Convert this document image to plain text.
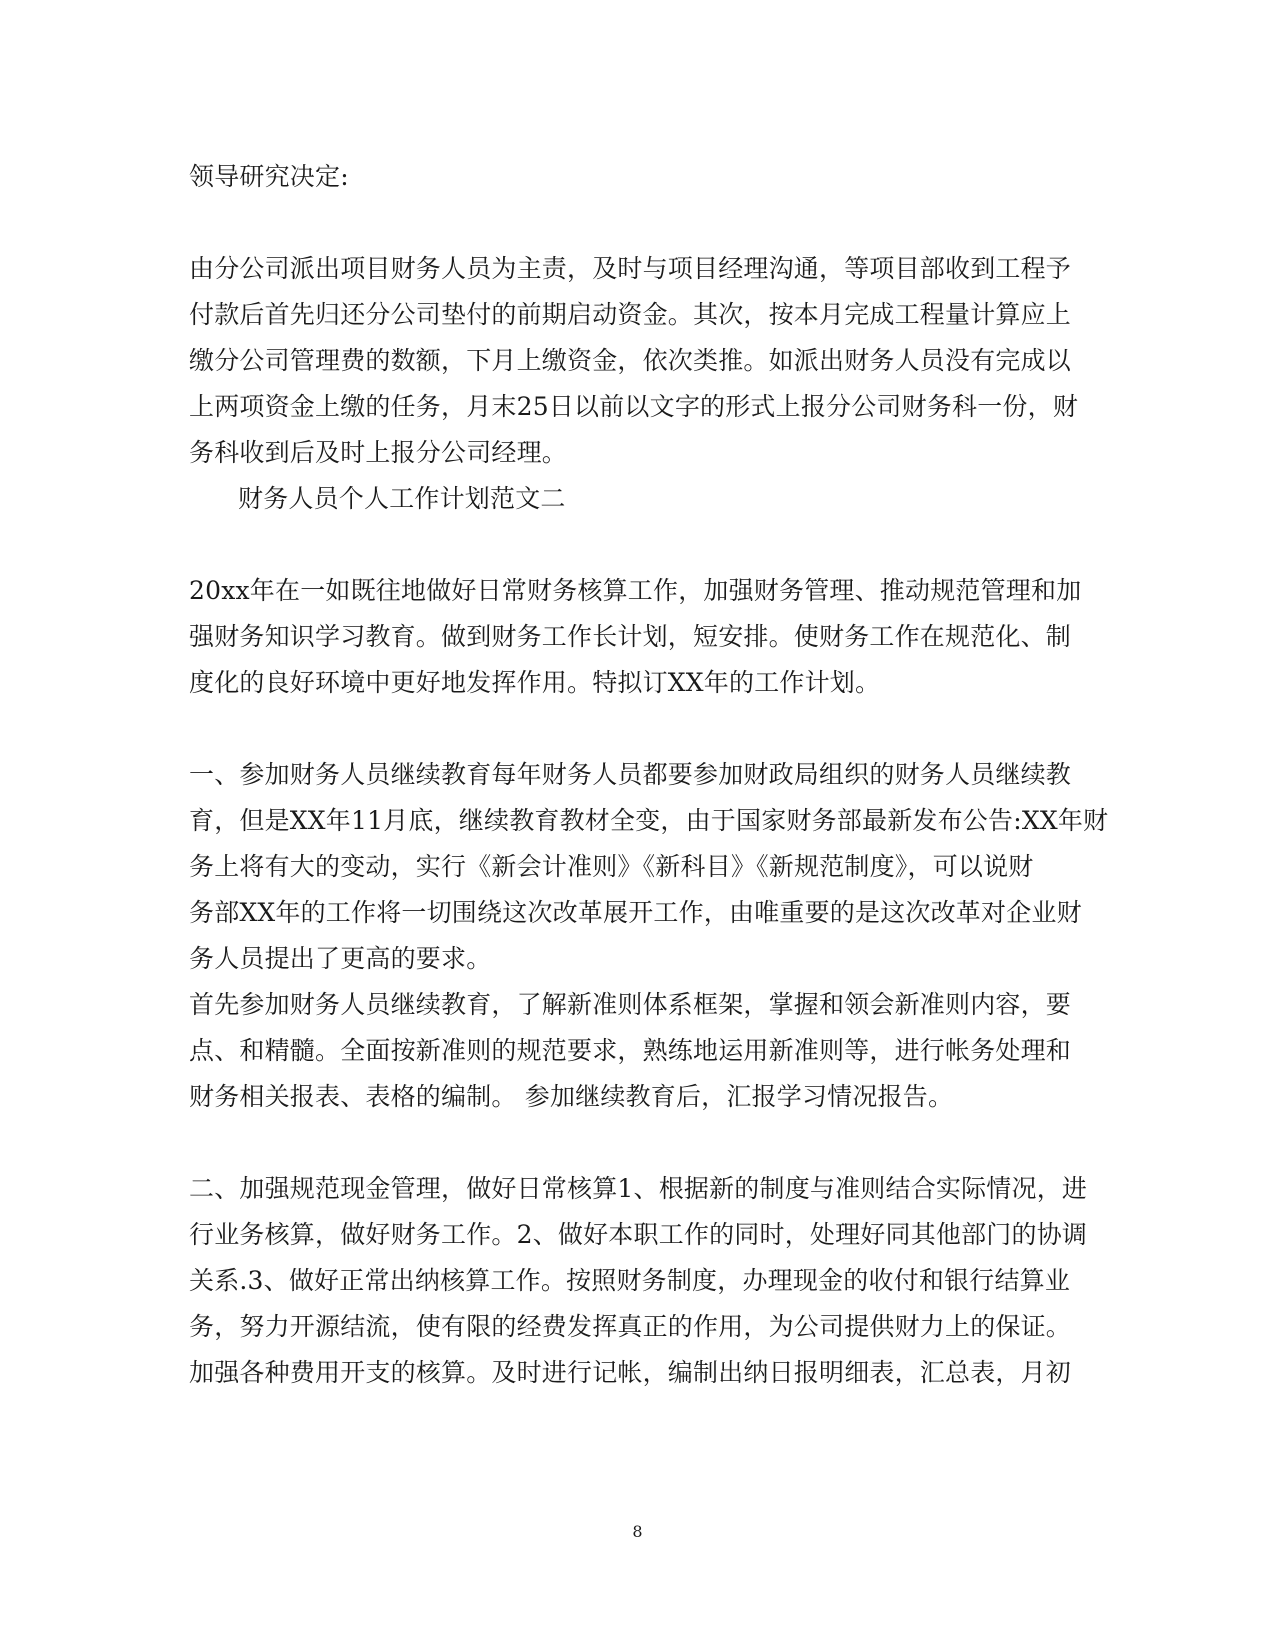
领导研究决定:
由分公司派出项目财务人员为主责，及时与项目经理沟通，等项目部收到工程予
付款后首先归还分公司垫付的前期启动资金。其次，按本月完成工程量计算应上
缴分公司管理费的数额，下月上缴资金，依次类推。如派出财务人员没有完成以
上两项资金上缴的任务，月末25日以前以文字的形式上报分公司财务科一份，财
务科收到后及时上报分公司经理。
财务人员个人工作计划范文二
20xx年在一如既往地做好日常财务核算工作，加强财务管理、推动规范管理和加
强财务知识学习教育。做到财务工作长计划，短安排。使财务工作在规范化、制
度化的良好环境中更好地发挥作用。特拟订XX年的工作计划。
一、参加财务人员继续教育每年财务人员都要参加财政局组织的财务人员继续教
育，但是XX年11月底，继续教育教材全变，由于国家财务部最新发布公告:XX年财
务上将有大的变动，实行《新会计准则》《新科目》《新规范制度》，可以说财
务部XX年的工作将一切围绕这次改革展开工作，由唯重要的是这次改革对企业财
务人员提出了更高的要求。
首先参加财务人员继续教育，了解新准则体系框架，掌握和领会新准则内容，要
点、和精髓。全面按新准则的规范要求，熟练地运用新准则等，进行帐务处理和
财务相关报表、表格的编制。 参加继续教育后，汇报学习情况报告。
二、加强规范现金管理，做好日常核算1、根据新的制度与准则结合实际情况，进
行业务核算，做好财务工作。2、做好本职工作的同时，处理好同其他部门的协调
关系.3、做好正常出纳核算工作。按照财务制度，办理现金的收付和银行结算业
务，努力开源结流，使有限的经费发挥真正的作用，为公司提供财力上的保证。
加强各种费用开支的核算。及时进行记帐，编制出纳日报明细表，汇总表，月初
8
